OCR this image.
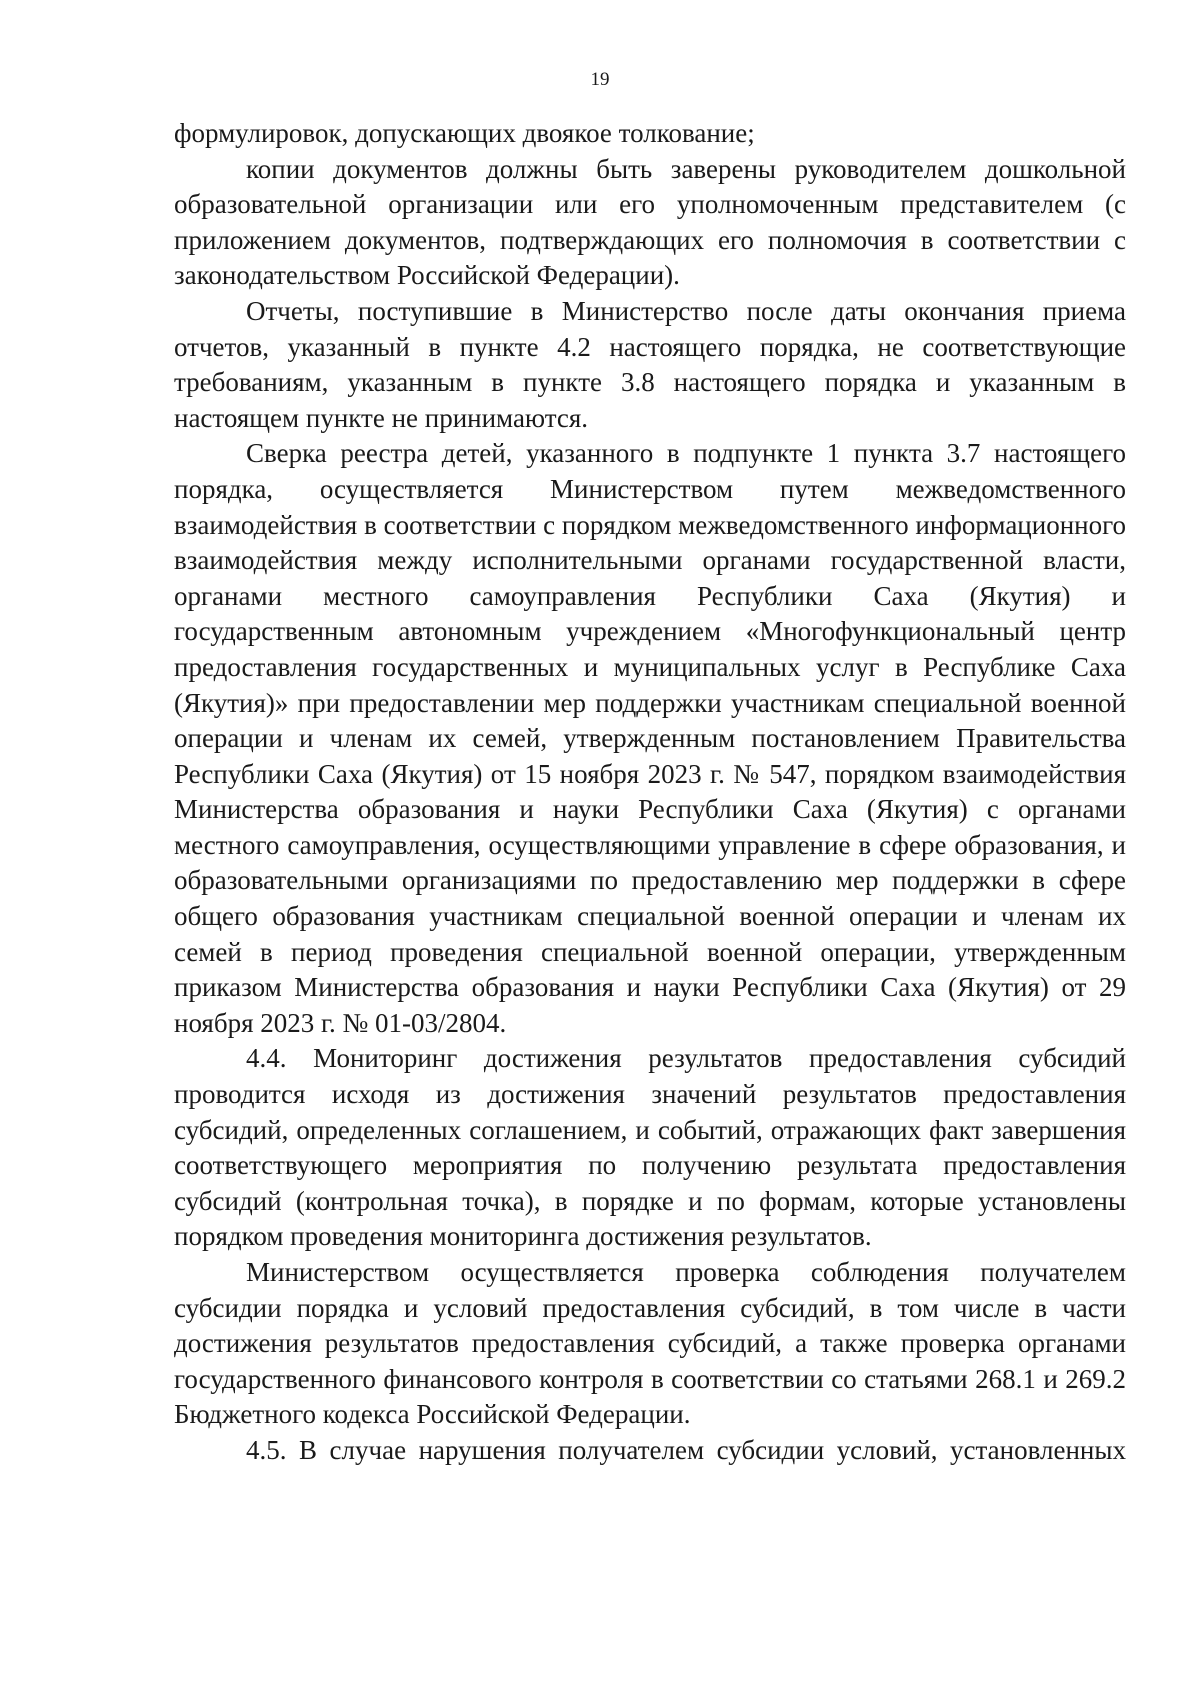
19

формулировок, допускающих двоякое толкование;

копии документов должны быть заверены руководителем дошкольной образовательной организации или его уполномоченным представителем (с приложением документов, подтверждающих его полномочия в соответствии с законодательством Российской Федерации).

Отчеты, поступившие в Министерство после даты окончания приема отчетов, указанный в пункте 4.2 настоящего порядка, не соответствующие требованиям, указанным в пункте 3.8 настоящего порядка и указанным в настоящем пункте не принимаются.

Сверка реестра детей, указанного в подпункте 1 пункта 3.7 настоящего порядка, осуществляется Министерством путем межведомственного взаимодействия в соответствии с порядком межведомственного информационного взаимодействия между исполнительными органами государственной власти, органами местного самоуправления Республики Саха (Якутия) и государственным автономным учреждением «Многофункциональный центр предоставления государственных и муниципальных услуг в Республике Саха (Якутия)» при предоставлении мер поддержки участникам специальной военной операции и членам их семей, утвержденным постановлением Правительства Республики Саха (Якутия) от 15 ноября 2023 г. № 547, порядком взаимодействия Министерства образования и науки Республики Саха (Якутия) с органами местного самоуправления, осуществляющими управление в сфере образования, и образовательными организациями по предоставлению мер поддержки в сфере общего образования участникам специальной военной операции и членам их семей в период проведения специальной военной операции, утвержденным приказом Министерства образования и науки Республики Саха (Якутия) от 29 ноября 2023 г. № 01-03/2804.

4.4. Мониторинг достижения результатов предоставления субсидий проводится исходя из достижения значений результатов предоставления субсидий, определенных соглашением, и событий, отражающих факт завершения соответствующего мероприятия по получению результата предоставления субсидий (контрольная точка), в порядке и по формам, которые установлены порядком проведения мониторинга достижения результатов.

Министерством осуществляется проверка соблюдения получателем субсидии порядка и условий предоставления субсидий, в том числе в части достижения результатов предоставления субсидий, а также проверка органами государственного финансового контроля в соответствии со статьями 268.1 и 269.2 Бюджетного кодекса Российской Федерации.

4.5. В случае нарушения получателем субсидии условий, установленных
